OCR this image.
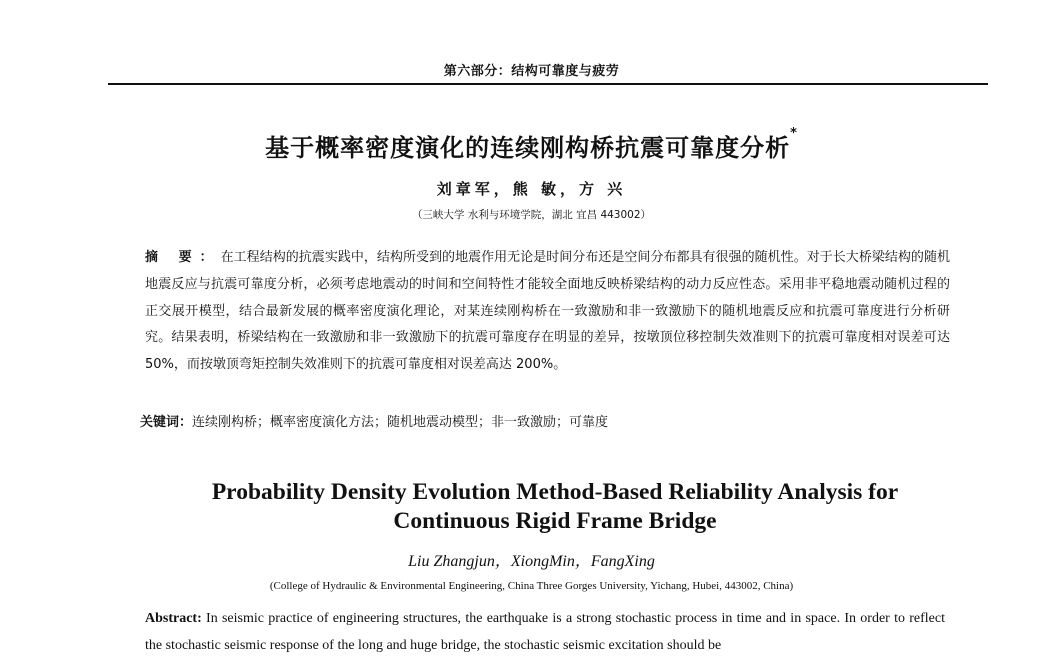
第六部分：结构可靠度与疲劳
基于概率密度演化的连续刚构桥抗震可靠度分析*
刘章军，熊 敏，方 兴
（三峡大学 水利与环境学院，湖北 宜昌 443002）
摘 要：在工程结构的抗震实践中，结构所受到的地震作用无论是时间分布还是空间分布都具有很强的随机性。对于长大桥梁结构的随机地震反应与抗震可靠度分析，必须考虑地震动的时间和空间特性才能较全面地反映桥梁结构的动力反应性态。采用非平稳地震动随机过程的正交展开模型，结合最新发展的概率密度演化理论，对某连续刚构桥在一致激励和非一致激励下的随机地震反应和抗震可靠度进行分析研究。结果表明，桥梁结构在一致激励和非一致激励下的抗震可靠度存在明显的差异，按墩顶位移控制失效准则下的抗震可靠度相对误差可达 50%，而按墩顶弯矩控制失效准则下的抗震可靠度相对误差高达 200%。
关键词：连续刚构桥；概率密度演化方法；随机地震动模型；非一致激励；可靠度
Probability Density Evolution Method-Based Reliability Analysis for
Continuous Rigid Frame Bridge
Liu Zhangjun，XiongMin，FangXing
(College of Hydraulic & Environmental Engineering, China Three Gorges University, Yichang, Hubei, 443002, China)
Abstract: In seismic practice of engineering structures, the earthquake is a strong stochastic process in time and in space. In order to reflect the stochastic seismic response of the long and huge bridge, the stochastic seismic excitation should be
